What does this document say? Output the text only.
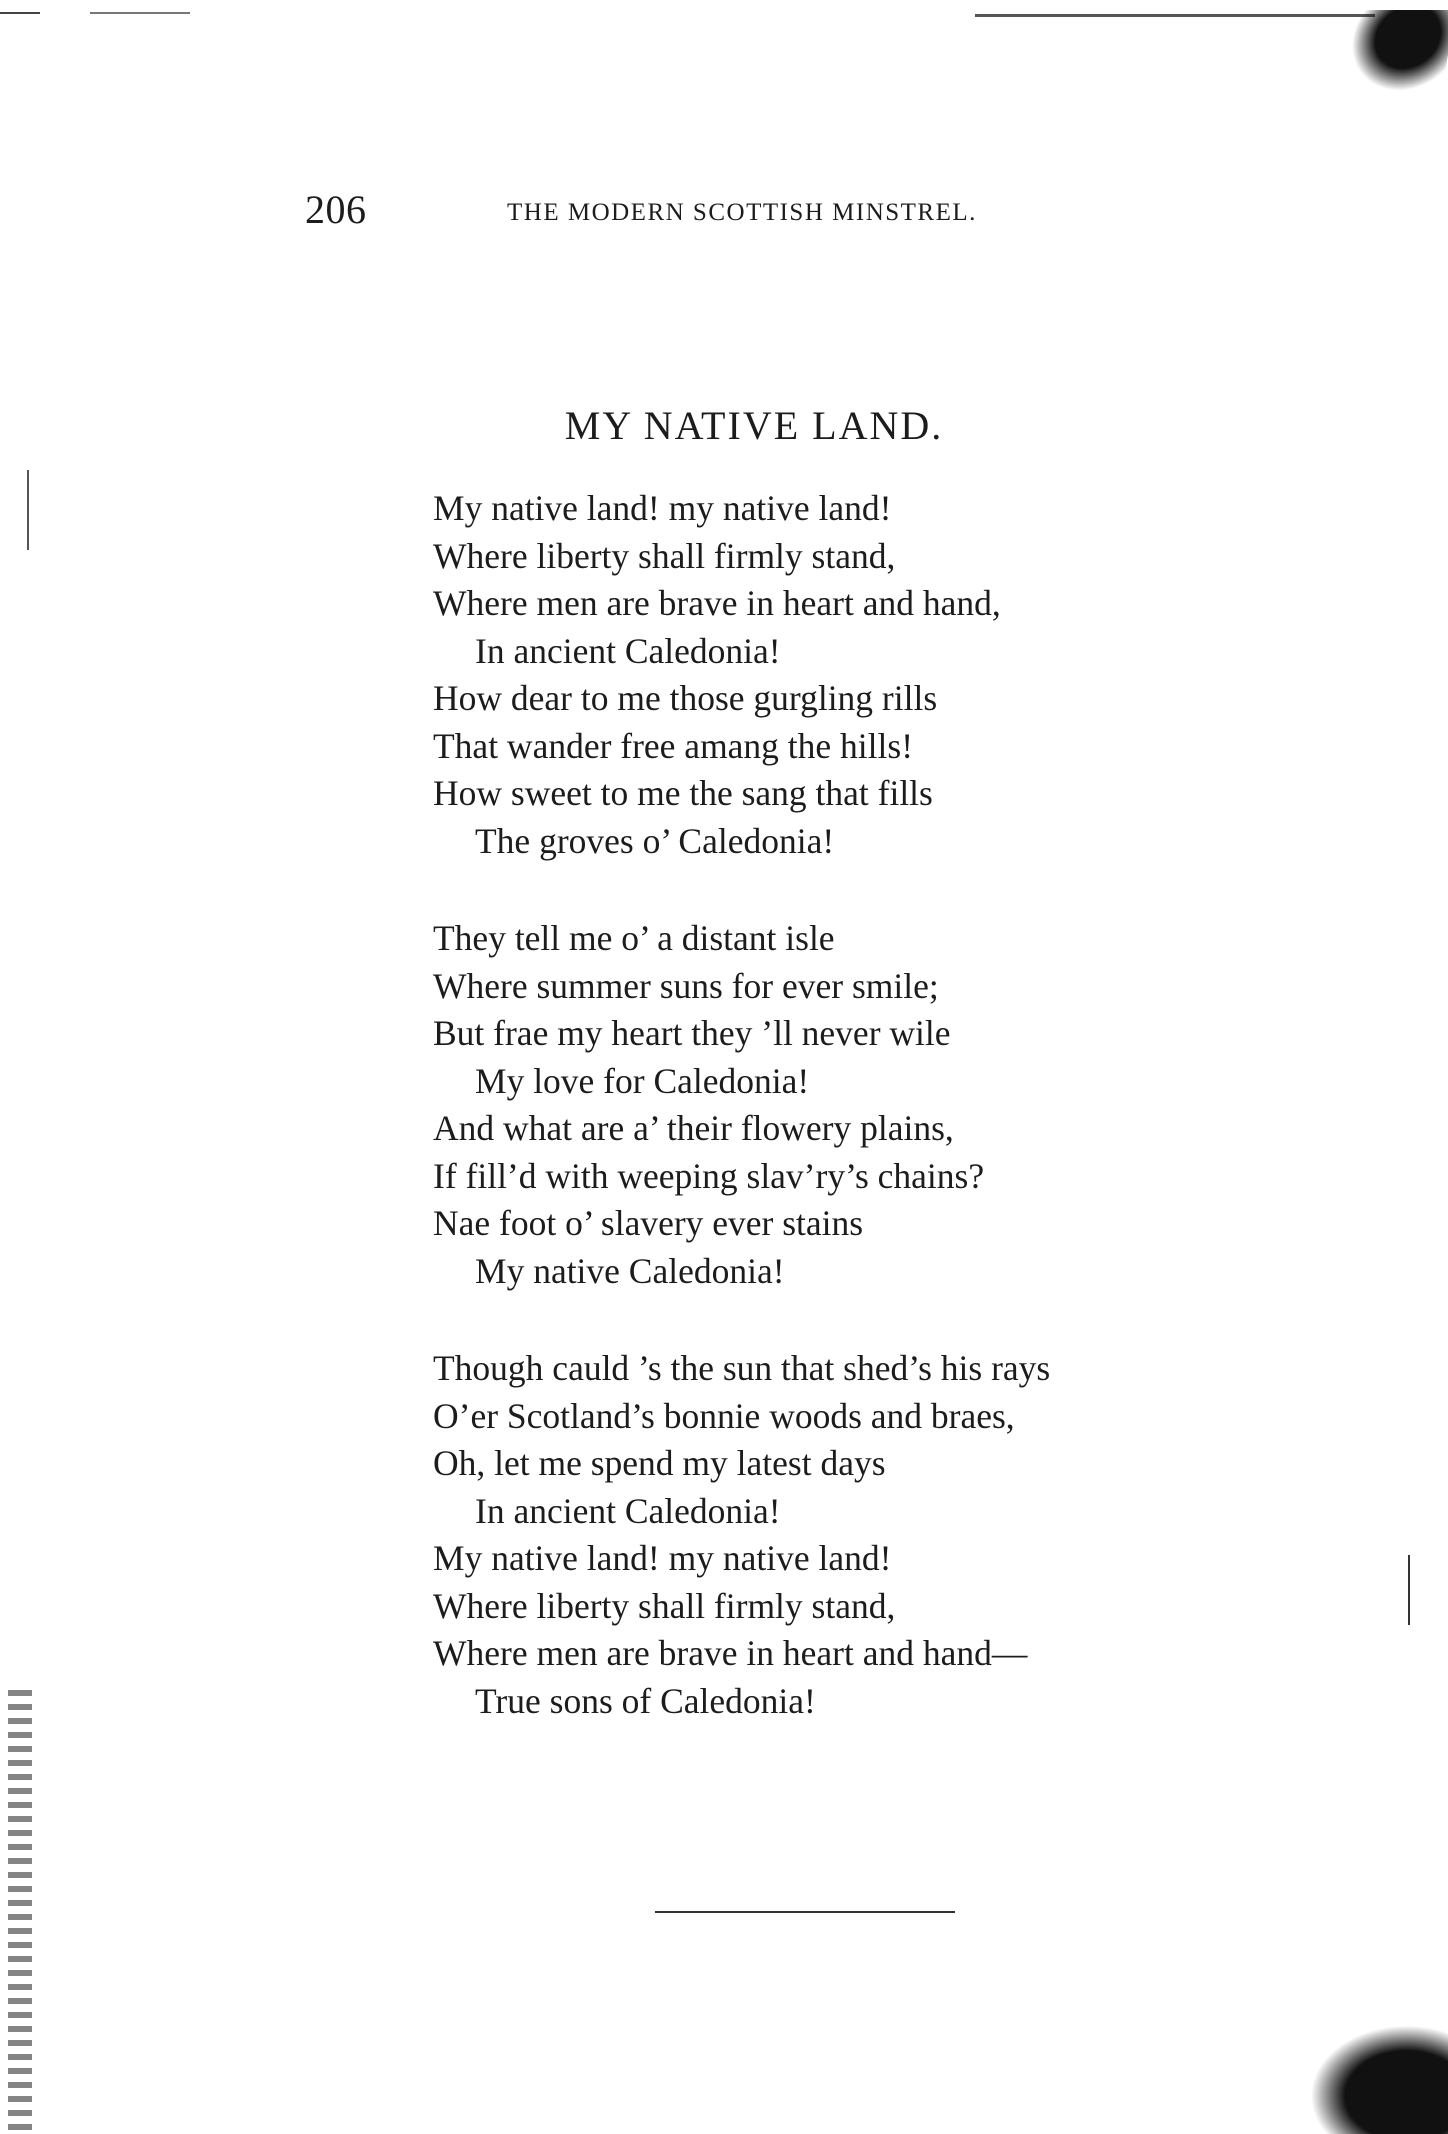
206	THE MODERN SCOTTISH MINSTREL.
MY NATIVE LAND.
My native land! my native land!
Where liberty shall firmly stand,
Where men are brave in heart and hand,
In ancient Caledonia!
How dear to me those gurgling rills
That wander free amang the hills!
How sweet to me the sang that fills
The groves o’ Caledonia!
They tell me o’ a distant isle
Where summer suns for ever smile;
But frae my heart they ’ll never wile
My love for Caledonia!
And what are a’ their flowery plains,
If fill’d with weeping slav’ry’s chains?
Nae foot o’ slavery ever stains
My native Caledonia!
Though cauld ’s the sun that shed’s his rays
O’er Scotland’s bonnie woods and braes,
Oh, let me spend my latest days
In ancient Caledonia!
My native land! my native land!
Where liberty shall firmly stand,
Where men are brave in heart and hand—
True sons of Caledonia!
